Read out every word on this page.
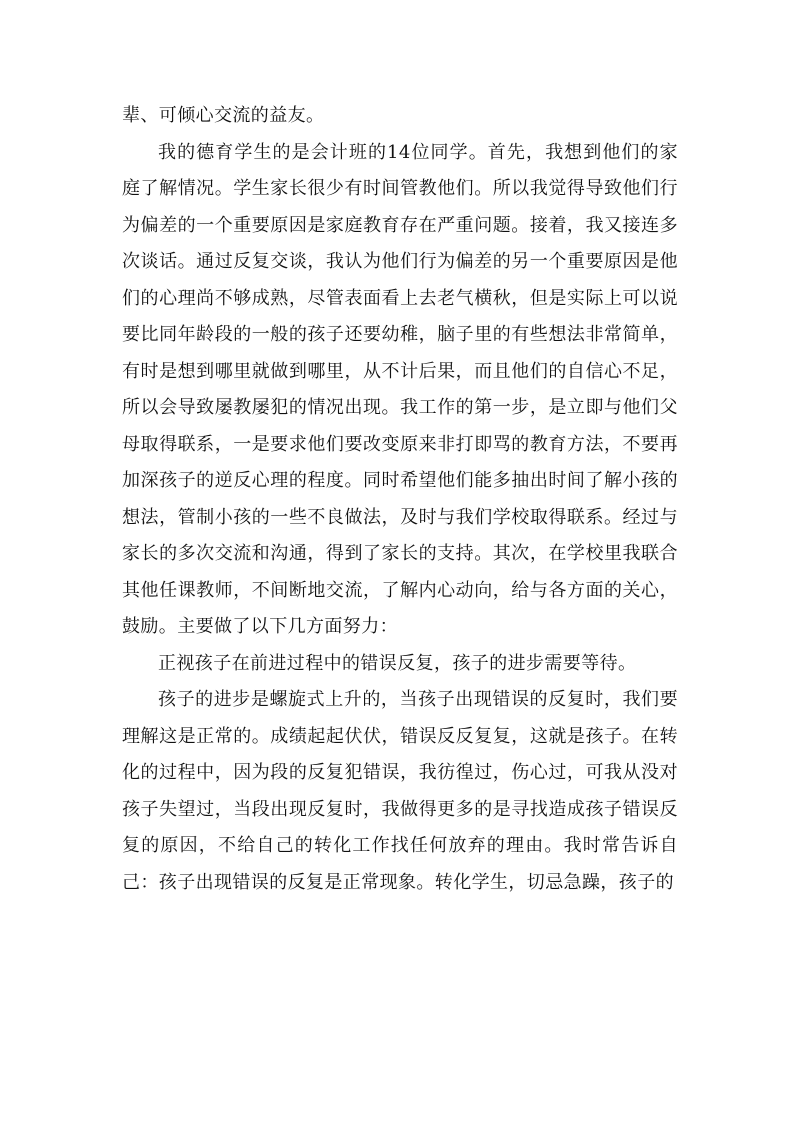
辈、可倾心交流的益友。

我的德育学生的是会计班的14位同学。首先，我想到他们的家庭了解情况。学生家长很少有时间管教他们。所以我觉得导致他们行为偏差的一个重要原因是家庭教育存在严重问题。接着，我又接连多次谈话。通过反复交谈，我认为他们行为偏差的另一个重要原因是他们的心理尚不够成熟，尽管表面看上去老气横秋，但是实际上可以说要比同年龄段的一般的孩子还要幼稚，脑子里的有些想法非常简单，有时是想到哪里就做到哪里，从不计后果，而且他们的自信心不足，所以会导致屡教屡犯的情况出现。我工作的第一步，是立即与他们父母取得联系，一是要求他们要改变原来非打即骂的教育方法，不要再加深孩子的逆反心理的程度。同时希望他们能多抽出时间了解小孩的想法，管制小孩的一些不良做法，及时与我们学校取得联系。经过与家长的多次交流和沟通，得到了家长的支持。其次，在学校里我联合其他任课教师，不间断地交流，了解内心动向，给与各方面的关心，鼓励。主要做了以下几方面努力：

正视孩子在前进过程中的错误反复，孩子的进步需要等待。

孩子的进步是螺旋式上升的，当孩子出现错误的反复时，我们要理解这是正常的。成绩起起伏伏，错误反反复复，这就是孩子。在转化的过程中，因为段的反复犯错误，我彷徨过，伤心过，可我从没对孩子失望过，当段出现反复时，我做得更多的是寻找造成孩子错误反复的原因，不给自己的转化工作找任何放弃的理由。我时常告诉自己：孩子出现错误的反复是正常现象。转化学生，切忌急躁，孩子的
